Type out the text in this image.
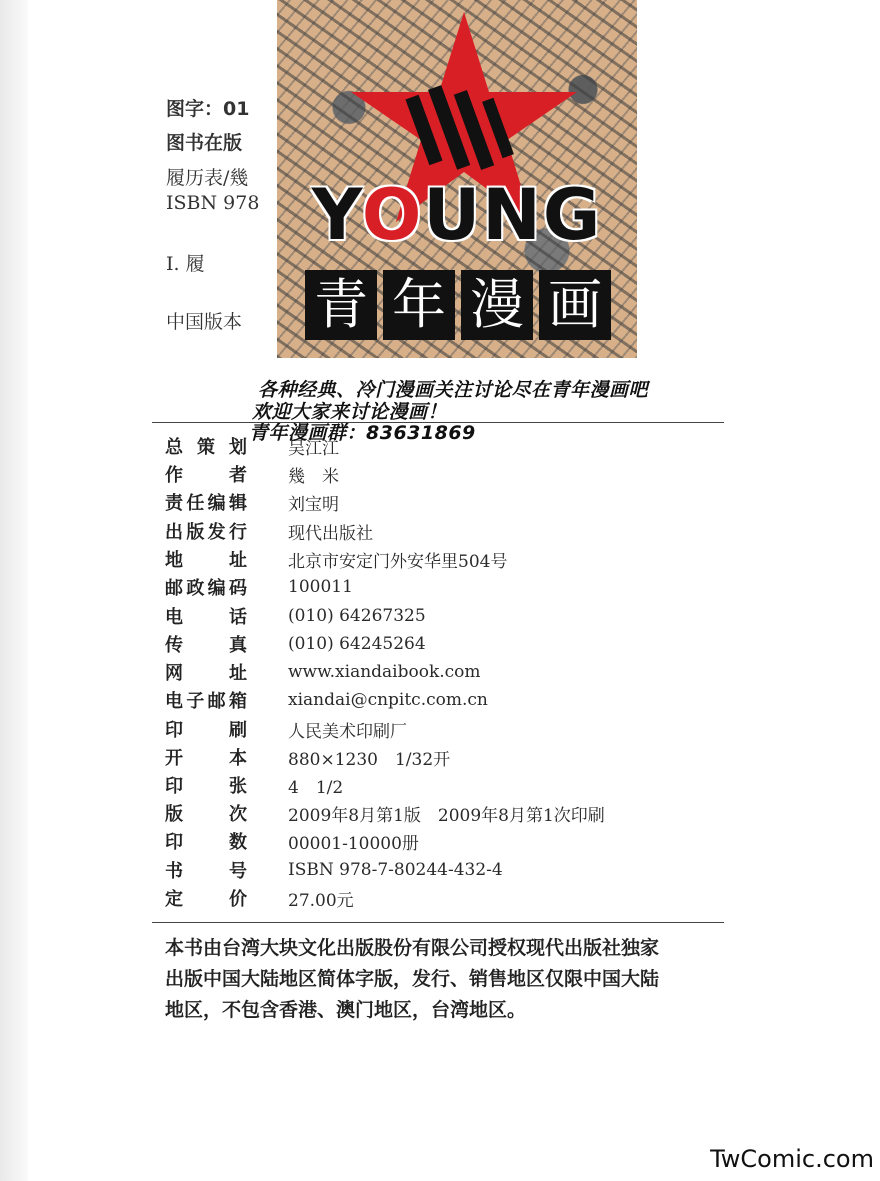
图字：01
图书在版
履历表/幾
ISBN 978
Ⅰ. 履
中国版本
YOUNG
青 年 漫 画
各种经典、冷门漫画关注讨论尽在青年漫画吧
欢迎大家来讨论漫画！
青年漫画群：83631869
总策划 吴江江
作者 幾　米
责任编辑 刘宝明
出版发行 现代出版社
地址 北京市安定门外安华里504号
邮政编码 100011
电话 (010) 64267325
传真 (010) 64245264
网址 www.xiandaibook.com
电子邮箱 xiandai@cnpitc.com.cn
印刷 人民美术印刷厂
开本 880×1230　1/32开
印张 4　1/2
版次 2009年8月第1版　2009年8月第1次印刷
印数 00001-10000册
书号 ISBN 978-7-80244-432-4
定价 27.00元
本书由台湾大块文化出版股份有限公司授权现代出版社独家
出版中国大陆地区简体字版，发行、销售地区仅限中国大陆
地区，不包含香港、澳门地区，台湾地区。
TwComic.com
